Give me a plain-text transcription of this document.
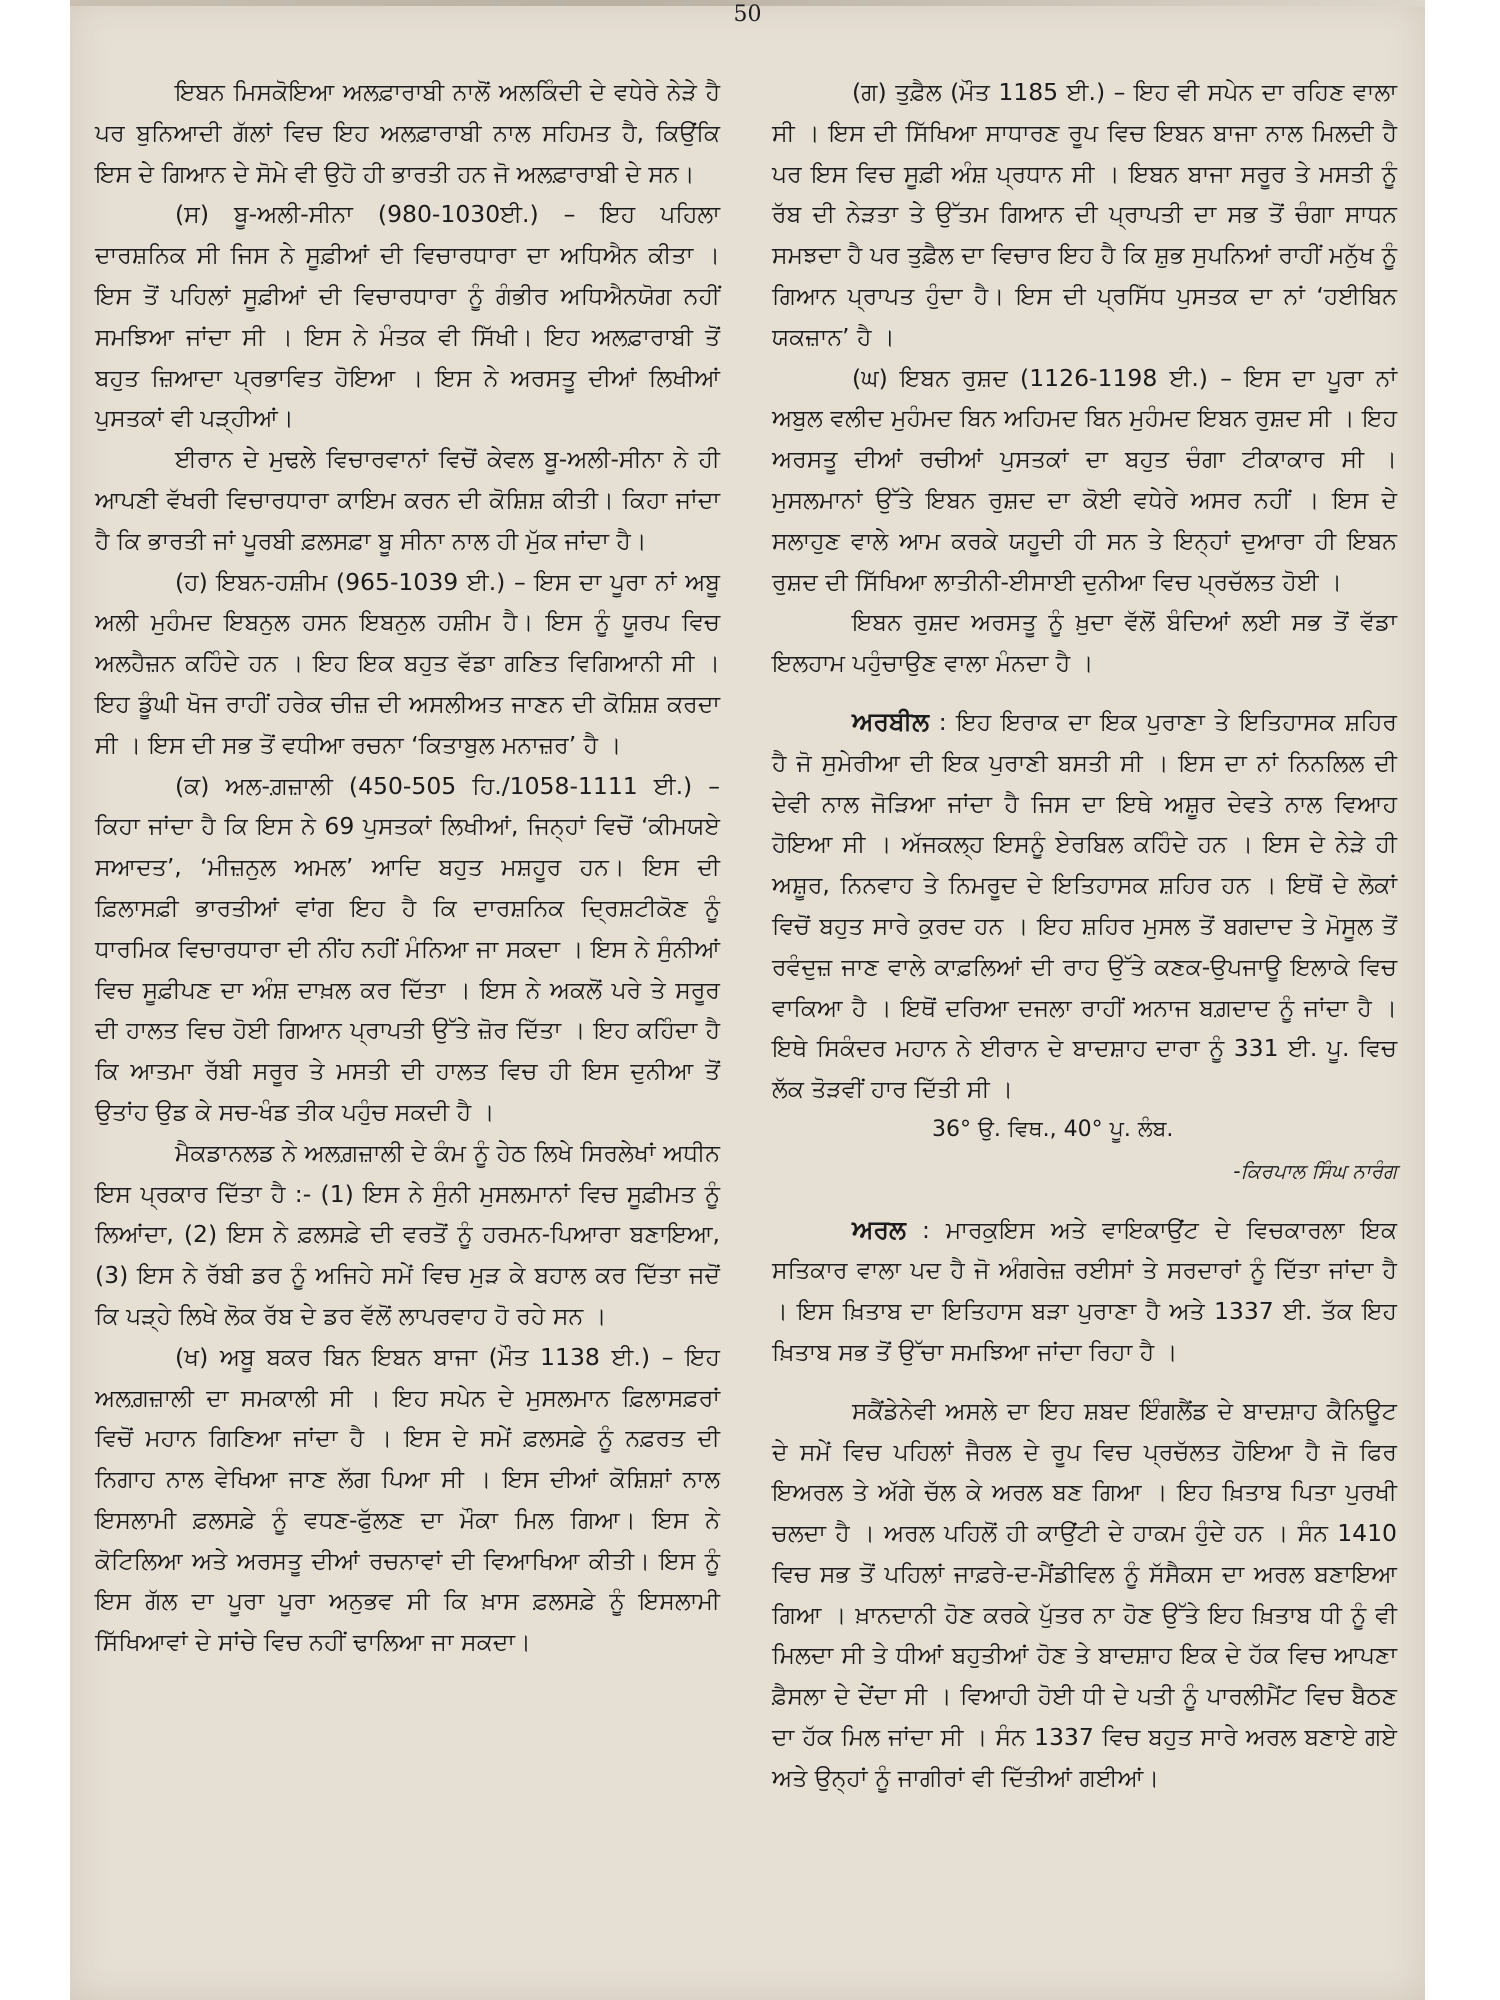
50

ਇਬਨ ਮਿਸਕੋਇਆ ਅਲਫ਼ਾਰਾਬੀ ਨਾਲੋਂ ਅਲਕਿੰਦੀ ਦੇ ਵਧੇਰੇ ਨੇੜੇ ਹੈ ਪਰ ਬੁਨਿਆਦੀ ਗੱਲਾਂ ਵਿਚ ਇਹ ਅਲਫ਼ਾਰਾਬੀ ਨਾਲ ਸਹਿਮਤ ਹੈ, ਕਿਉਂਕਿ ਇਸ ਦੇ ਗਿਆਨ ਦੇ ਸੋਮੇ ਵੀ ਉਹੋ ਹੀ ਭਾਰਤੀ ਹਨ ਜੋ ਅਲਫ਼ਾਰਾਬੀ ਦੇ ਸਨ।

(ਸ) ਬੂ-ਅਲੀ-ਸੀਨਾ (980-1030ਈ.) – ਇਹ ਪਹਿਲਾ ਦਾਰਸ਼ਨਿਕ ਸੀ ਜਿਸ ਨੇ ਸੂਫ਼ੀਆਂ ਦੀ ਵਿਚਾਰਧਾਰਾ ਦਾ ਅਧਿਐਨ ਕੀਤਾ । ਇਸ ਤੋਂ ਪਹਿਲਾਂ ਸੂਫ਼ੀਆਂ ਦੀ ਵਿਚਾਰਧਾਰਾ ਨੂੰ ਗੰਭੀਰ ਅਧਿਐਨਯੋਗ ਨਹੀਂ ਸਮਝਿਆ ਜਾਂਦਾ ਸੀ । ਇਸ ਨੇ ਮੰਤਕ ਵੀ ਸਿੱਖੀ। ਇਹ ਅਲਫ਼ਾਰਾਬੀ ਤੋਂ ਬਹੁਤ ਜ਼ਿਆਦਾ ਪ੍ਰਭਾਵਿਤ ਹੋਇਆ । ਇਸ ਨੇ ਅਰਸਤੂ ਦੀਆਂ ਲਿਖੀਆਂ ਪੁਸਤਕਾਂ ਵੀ ਪੜ੍ਹੀਆਂ।

ਈਰਾਨ ਦੇ ਮੁਢਲੇ ਵਿਚਾਰਵਾਨਾਂ ਵਿਚੋਂ ਕੇਵਲ ਬੂ-ਅਲੀ-ਸੀਨਾ ਨੇ ਹੀ ਆਪਣੀ ਵੱਖਰੀ ਵਿਚਾਰਧਾਰਾ ਕਾਇਮ ਕਰਨ ਦੀ ਕੋਸ਼ਿਸ਼ ਕੀਤੀ। ਕਿਹਾ ਜਾਂਦਾ ਹੈ ਕਿ ਭਾਰਤੀ ਜਾਂ ਪੂਰਬੀ ਫ਼ਲਸਫ਼ਾ ਬੂ ਸੀਨਾ ਨਾਲ ਹੀ ਮੁੱਕ ਜਾਂਦਾ ਹੈ।

(ਹ) ਇਬਨ-ਹਸ਼ੀਮ (965-1039 ਈ.) – ਇਸ ਦਾ ਪੂਰਾ ਨਾਂ ਅਬੂ ਅਲੀ ਮੁਹੰਮਦ ਇਬਨੁਲ ਹਸਨ ਇਬਨੁਲ ਹਸ਼ੀਮ ਹੈ। ਇਸ ਨੂੰ ਯੂਰਪ ਵਿਚ ਅਲਹੈਜ਼ਨ ਕਹਿੰਦੇ ਹਨ । ਇਹ ਇਕ ਬਹੁਤ ਵੱਡਾ ਗਣਿਤ ਵਿਗਿਆਨੀ ਸੀ । ਇਹ ਡੂੰਘੀ ਖੋਜ ਰਾਹੀਂ ਹਰੇਕ ਚੀਜ਼ ਦੀ ਅਸਲੀਅਤ ਜਾਣਨ ਦੀ ਕੋਸ਼ਿਸ਼ ਕਰਦਾ ਸੀ । ਇਸ ਦੀ ਸਭ ਤੋਂ ਵਧੀਆ ਰਚਨਾ ‘ਕਿਤਾਬੁਲ ਮਨਾਜ਼ਰ’ ਹੈ ।

(ਕ) ਅਲ-ਗ਼ਜ਼ਾਲੀ (450-505 ਹਿ./1058-1111 ਈ.) – ਕਿਹਾ ਜਾਂਦਾ ਹੈ ਕਿ ਇਸ ਨੇ 69 ਪੁਸਤਕਾਂ ਲਿਖੀਆਂ, ਜਿਨ੍ਹਾਂ ਵਿਚੋਂ ‘ਕੀਮਯਏ ਸਆਦਤ’, ‘ਮੀਜ਼ਨੁਲ ਅਮਲ’ ਆਦਿ ਬਹੁਤ ਮਸ਼ਹੂਰ ਹਨ। ਇਸ ਦੀ ਫ਼ਿਲਾਸਫ਼ੀ ਭਾਰਤੀਆਂ ਵਾਂਗ ਇਹ ਹੈ ਕਿ ਦਾਰਸ਼ਨਿਕ ਦ੍ਰਿਸ਼ਟੀਕੋਣ ਨੂੰ ਧਾਰਮਿਕ ਵਿਚਾਰਧਾਰਾ ਦੀ ਨੀਂਹ ਨਹੀਂ ਮੰਨਿਆ ਜਾ ਸਕਦਾ । ਇਸ ਨੇ ਸੁੰਨੀਆਂ ਵਿਚ ਸੂਫ਼ੀਪਣ ਦਾ ਅੰਸ਼ ਦਾਖ਼ਲ ਕਰ ਦਿੱਤਾ । ਇਸ ਨੇ ਅਕਲੋਂ ਪਰੇ ਤੇ ਸਰੂਰ ਦੀ ਹਾਲਤ ਵਿਚ ਹੋਈ ਗਿਆਨ ਪ੍ਰਾਪਤੀ ਉੱਤੇ ਜ਼ੋਰ ਦਿੱਤਾ । ਇਹ ਕਹਿੰਦਾ ਹੈ ਕਿ ਆਤਮਾ ਰੱਬੀ ਸਰੂਰ ਤੇ ਮਸਤੀ ਦੀ ਹਾਲਤ ਵਿਚ ਹੀ ਇਸ ਦੁਨੀਆ ਤੋਂ ਉਤਾਂਹ ਉਡ ਕੇ ਸਚ-ਖੰਡ ਤੀਕ ਪਹੁੰਚ ਸਕਦੀ ਹੈ ।

ਮੈਕਡਾਨਲਡ ਨੇ ਅਲਗ਼ਜ਼ਾਲੀ ਦੇ ਕੰਮ ਨੂੰ ਹੇਠ ਲਿਖੇ ਸਿਰਲੇਖਾਂ ਅਧੀਨ ਇਸ ਪ੍ਰਕਾਰ ਦਿੱਤਾ ਹੈ :- (1) ਇਸ ਨੇ ਸੁੰਨੀ ਮੁਸਲਮਾਨਾਂ ਵਿਚ ਸੂਫ਼ੀਮਤ ਨੂੰ ਲਿਆਂਦਾ, (2) ਇਸ ਨੇ ਫ਼ਲਸਫ਼ੇ ਦੀ ਵਰਤੋਂ ਨੂੰ ਹਰਮਨ-ਪਿਆਰਾ ਬਣਾਇਆ, (3) ਇਸ ਨੇ ਰੱਬੀ ਡਰ ਨੂੰ ਅਜਿਹੇ ਸਮੇਂ ਵਿਚ ਮੁੜ ਕੇ ਬਹਾਲ ਕਰ ਦਿੱਤਾ ਜਦੋਂ ਕਿ ਪੜ੍ਹੇ ਲਿਖੇ ਲੋਕ ਰੱਬ ਦੇ ਡਰ ਵੱਲੋਂ ਲਾਪਰਵਾਹ ਹੋ ਰਹੇ ਸਨ ।

(ਖ) ਅਬੂ ਬਕਰ ਬਿਨ ਇਬਨ ਬਾਜਾ (ਮੌਤ 1138 ਈ.) – ਇਹ ਅਲਗ਼ਜ਼ਾਲੀ ਦਾ ਸਮਕਾਲੀ ਸੀ । ਇਹ ਸਪੇਨ ਦੇ ਮੁਸਲਮਾਨ ਫ਼ਿਲਾਸਫ਼ਰਾਂ ਵਿਚੋਂ ਮਹਾਨ ਗਿਣਿਆ ਜਾਂਦਾ ਹੈ । ਇਸ ਦੇ ਸਮੇਂ ਫ਼ਲਸਫ਼ੇ ਨੂੰ ਨਫ਼ਰਤ ਦੀ ਨਿਗਾਹ ਨਾਲ ਵੇਖਿਆ ਜਾਣ ਲੱਗ ਪਿਆ ਸੀ । ਇਸ ਦੀਆਂ ਕੋਸ਼ਿਸ਼ਾਂ ਨਾਲ ਇਸਲਾਮੀ ਫ਼ਲਸਫ਼ੇ ਨੂੰ ਵਧਣ-ਫੁੱਲਣ ਦਾ ਮੌਕਾ ਮਿਲ ਗਿਆ। ਇਸ ਨੇ ਕੋਟਿਲਿਆ ਅਤੇ ਅਰਸਤੂ ਦੀਆਂ ਰਚਨਾਵਾਂ ਦੀ ਵਿਆਖਿਆ ਕੀਤੀ। ਇਸ ਨੂੰ ਇਸ ਗੱਲ ਦਾ ਪੂਰਾ ਪੂਰਾ ਅਨੁਭਵ ਸੀ ਕਿ ਖ਼ਾਸ ਫ਼ਲਸਫ਼ੇ ਨੂੰ ਇਸਲਾਮੀ ਸਿੱਖਿਆਵਾਂ ਦੇ ਸਾਂਚੇ ਵਿਚ ਨਹੀਂ ਢਾਲਿਆ ਜਾ ਸਕਦਾ।

(ਗ) ਤੁਫ਼ੈਲ (ਮੌਤ 1185 ਈ.) – ਇਹ ਵੀ ਸਪੇਨ ਦਾ ਰਹਿਣ ਵਾਲਾ ਸੀ । ਇਸ ਦੀ ਸਿੱਖਿਆ ਸਾਧਾਰਣ ਰੂਪ ਵਿਚ ਇਬਨ ਬਾਜਾ ਨਾਲ ਮਿਲਦੀ ਹੈ ਪਰ ਇਸ ਵਿਚ ਸੂਫ਼ੀ ਅੰਸ਼ ਪ੍ਰਧਾਨ ਸੀ । ਇਬਨ ਬਾਜਾ ਸਰੂਰ ਤੇ ਮਸਤੀ ਨੂੰ ਰੱਬ ਦੀ ਨੇੜਤਾ ਤੇ ਉੱਤਮ ਗਿਆਨ ਦੀ ਪ੍ਰਾਪਤੀ ਦਾ ਸਭ ਤੋਂ ਚੰਗਾ ਸਾਧਨ ਸਮਝਦਾ ਹੈ ਪਰ ਤੁਫ਼ੈਲ ਦਾ ਵਿਚਾਰ ਇਹ ਹੈ ਕਿ ਸ਼ੁਭ ਸੁਪਨਿਆਂ ਰਾਹੀਂ ਮਨੁੱਖ ਨੂੰ ਗਿਆਨ ਪ੍ਰਾਪਤ ਹੁੰਦਾ ਹੈ। ਇਸ ਦੀ ਪ੍ਰਸਿੱਧ ਪੁਸਤਕ ਦਾ ਨਾਂ ‘ਹਈਬਿਨ ਯਕਜ਼ਾਨ’ ਹੈ ।

(ਘ) ਇਬਨ ਰੁਸ਼ਦ (1126-1198 ਈ.) – ਇਸ ਦਾ ਪੂਰਾ ਨਾਂ ਅਬੁਲ ਵਲੀਦ ਮੁਹੰਮਦ ਬਿਨ ਅਹਿਮਦ ਬਿਨ ਮੁਹੰਮਦ ਇਬਨ ਰੁਸ਼ਦ ਸੀ । ਇਹ ਅਰਸਤੂ ਦੀਆਂ ਰਚੀਆਂ ਪੁਸਤਕਾਂ ਦਾ ਬਹੁਤ ਚੰਗਾ ਟੀਕਾਕਾਰ ਸੀ । ਮੁਸਲਮਾਨਾਂ ਉੱਤੇ ਇਬਨ ਰੁਸ਼ਦ ਦਾ ਕੋਈ ਵਧੇਰੇ ਅਸਰ ਨਹੀਂ । ਇਸ ਦੇ ਸਲਾਹੁਣ ਵਾਲੇ ਆਮ ਕਰਕੇ ਯਹੂਦੀ ਹੀ ਸਨ ਤੇ ਇਨ੍ਹਾਂ ਦੁਆਰਾ ਹੀ ਇਬਨ ਰੁਸ਼ਦ ਦੀ ਸਿੱਖਿਆ ਲਾਤੀਨੀ-ਈਸਾਈ ਦੁਨੀਆ ਵਿਚ ਪ੍ਰਚੱਲਤ ਹੋਈ ।

ਇਬਨ ਰੁਸ਼ਦ ਅਰਸਤੂ ਨੂੰ ਖ਼ੁਦਾ ਵੱਲੋਂ ਬੰਦਿਆਂ ਲਈ ਸਭ ਤੋਂ ਵੱਡਾ ਇਲਹਾਮ ਪਹੁੰਚਾਉਣ ਵਾਲਾ ਮੰਨਦਾ ਹੈ ।

ਅਰਬੀਲ : ਇਹ ਇਰਾਕ ਦਾ ਇਕ ਪੁਰਾਣਾ ਤੇ ਇਤਿਹਾਸਕ ਸ਼ਹਿਰ ਹੈ ਜੋ ਸੁਮੇਰੀਆ ਦੀ ਇਕ ਪੁਰਾਣੀ ਬਸਤੀ ਸੀ । ਇਸ ਦਾ ਨਾਂ ਨਿਨਲਿਲ ਦੀ ਦੇਵੀ ਨਾਲ ਜੋੜਿਆ ਜਾਂਦਾ ਹੈ ਜਿਸ ਦਾ ਇਥੇ ਅਸ਼ੂਰ ਦੇਵਤੇ ਨਾਲ ਵਿਆਹ ਹੋਇਆ ਸੀ । ਅੱਜਕਲ੍ਹ ਇਸਨੂੰ ਏਰਬਿਲ ਕਹਿੰਦੇ ਹਨ । ਇਸ ਦੇ ਨੇੜੇ ਹੀ ਅਸ਼ੂਰ, ਨਿਨਵਾਹ ਤੇ ਨਿਮਰੂਦ ਦੇ ਇਤਿਹਾਸਕ ਸ਼ਹਿਰ ਹਨ । ਇਥੋਂ ਦੇ ਲੋਕਾਂ ਵਿਚੋਂ ਬਹੁਤ ਸਾਰੇ ਕੁਰਦ ਹਨ । ਇਹ ਸ਼ਹਿਰ ਮੁਸਲ ਤੋਂ ਬਗਦਾਦ ਤੇ ਮੋਸੂਲ ਤੋਂ ਰਵੰਦੁਜ਼ ਜਾਣ ਵਾਲੇ ਕਾਫ਼ਲਿਆਂ ਦੀ ਰਾਹ ਉੱਤੇ ਕਣਕ-ਉਪਜਾਊ ਇਲਾਕੇ ਵਿਚ ਵਾਕਿਆ ਹੈ । ਇਥੋਂ ਦਰਿਆ ਦਜਲਾ ਰਾਹੀਂ ਅਨਾਜ ਬਗ਼ਦਾਦ ਨੂੰ ਜਾਂਦਾ ਹੈ । ਇਥੇ ਸਿਕੰਦਰ ਮਹਾਨ ਨੇ ਈਰਾਨ ਦੇ ਬਾਦਸ਼ਾਹ ਦਾਰਾ ਨੂੰ 331 ਈ. ਪੂ. ਵਿਚ ਲੱਕ ਤੋੜਵੀਂ ਹਾਰ ਦਿੱਤੀ ਸੀ ।

36° ਉ. ਵਿਥ., 40° ਪੂ. ਲੰਬ.

-ਕਿਰਪਾਲ ਸਿੰਘ ਨਾਰੰਗ

ਅਰਲ : ਮਾਰਕੁਇਸ ਅਤੇ ਵਾਇਕਾਉਂਟ ਦੇ ਵਿਚਕਾਰਲਾ ਇਕ ਸਤਿਕਾਰ ਵਾਲਾ ਪਦ ਹੈ ਜੋ ਅੰਗਰੇਜ਼ ਰਈਸਾਂ ਤੇ ਸਰਦਾਰਾਂ ਨੂੰ ਦਿੱਤਾ ਜਾਂਦਾ ਹੈ । ਇਸ ਖ਼ਿਤਾਬ ਦਾ ਇਤਿਹਾਸ ਬੜਾ ਪੁਰਾਣਾ ਹੈ ਅਤੇ 1337 ਈ. ਤੱਕ ਇਹ ਖ਼ਿਤਾਬ ਸਭ ਤੋਂ ਉੱਚਾ ਸਮਝਿਆ ਜਾਂਦਾ ਰਿਹਾ ਹੈ ।

ਸਕੈਂਡੇਨੇਵੀ ਅਸਲੇ ਦਾ ਇਹ ਸ਼ਬਦ ਇੰਗਲੈਂਡ ਦੇ ਬਾਦਸ਼ਾਹ ਕੈਨਿਊਟ ਦੇ ਸਮੇਂ ਵਿਚ ਪਹਿਲਾਂ ਜੈਰਲ ਦੇ ਰੂਪ ਵਿਚ ਪ੍ਰਚੱਲਤ ਹੋਇਆ ਹੈ ਜੋ ਫਿਰ ਇਅਰਲ ਤੇ ਅੱਗੇ ਚੱਲ ਕੇ ਅਰਲ ਬਣ ਗਿਆ । ਇਹ ਖ਼ਿਤਾਬ ਪਿਤਾ ਪੁਰਖੀ ਚਲਦਾ ਹੈ । ਅਰਲ ਪਹਿਲੋਂ ਹੀ ਕਾਉਂਟੀ ਦੇ ਹਾਕਮ ਹੁੰਦੇ ਹਨ । ਸੰਨ 1410 ਵਿਚ ਸਭ ਤੋਂ ਪਹਿਲਾਂ ਜਾਫ਼ਰੇ-ਦ-ਮੈਂਡੀਵਿਲ ਨੂੰ ਸੱਸੈਕਸ ਦਾ ਅਰਲ ਬਣਾਇਆ ਗਿਆ । ਖ਼ਾਨਦਾਨੀ ਹੋਣ ਕਰਕੇ ਪੁੱਤਰ ਨਾ ਹੋਣ ਉੱਤੇ ਇਹ ਖ਼ਿਤਾਬ ਧੀ ਨੂੰ ਵੀ ਮਿਲਦਾ ਸੀ ਤੇ ਧੀਆਂ ਬਹੁਤੀਆਂ ਹੋਣ ਤੇ ਬਾਦਸ਼ਾਹ ਇਕ ਦੇ ਹੱਕ ਵਿਚ ਆਪਣਾ ਫ਼ੈਸਲਾ ਦੇ ਦੇਂਦਾ ਸੀ । ਵਿਆਹੀ ਹੋਈ ਧੀ ਦੇ ਪਤੀ ਨੂੰ ਪਾਰਲੀਮੈਂਟ ਵਿਚ ਬੈਠਣ ਦਾ ਹੱਕ ਮਿਲ ਜਾਂਦਾ ਸੀ । ਸੰਨ 1337 ਵਿਚ ਬਹੁਤ ਸਾਰੇ ਅਰਲ ਬਣਾਏ ਗਏ ਅਤੇ ਉਨ੍ਹਾਂ ਨੂੰ ਜਾਗੀਰਾਂ ਵੀ ਦਿੱਤੀਆਂ ਗਈਆਂ।
